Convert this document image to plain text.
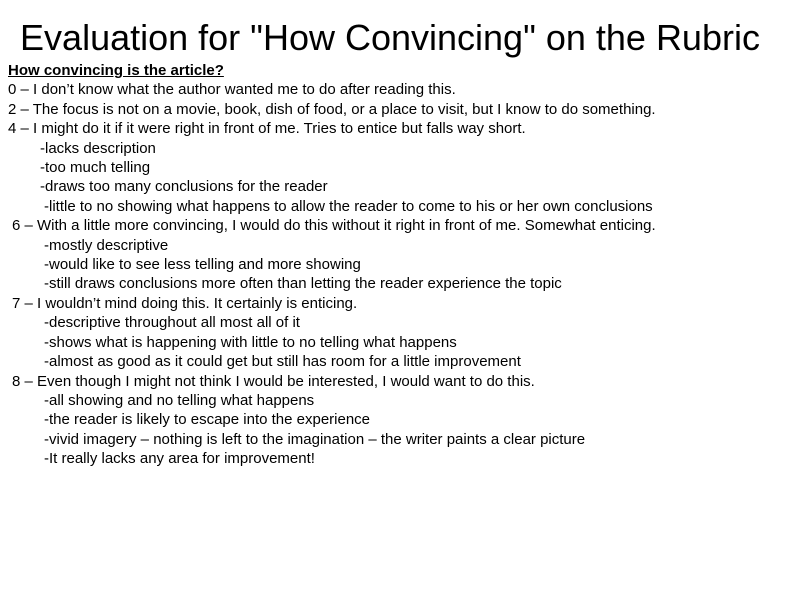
Evaluation for "How Convincing" on the Rubric
How convincing is the article?
0 – I don’t know what the author wanted me to do after reading this.
2 – The focus is not on a movie, book, dish of food, or a place to visit, but I know to do something.
4 – I might do it if it were right in front of me. Tries to entice but falls way short.
-lacks description
-too much telling
-draws too many conclusions for the reader
-little to no showing what happens to allow the reader to come to his or her own conclusions
6 – With a little more convincing, I would do this without it right in front of me. Somewhat enticing.
-mostly descriptive
-would like to see less telling and more showing
-still draws conclusions more often than letting the reader experience the topic
7 – I wouldn’t mind doing this. It certainly is enticing.
-descriptive throughout all most all of it
-shows what is happening with little to no telling what happens
-almost as good as it could get but still has room for a little improvement
8 – Even though I might not think I would be interested, I would want to do this.
-all showing and no telling what happens
-the reader is likely to escape into the experience
-vivid imagery – nothing is left to the imagination – the writer paints a clear picture
-It really lacks any area for improvement!
